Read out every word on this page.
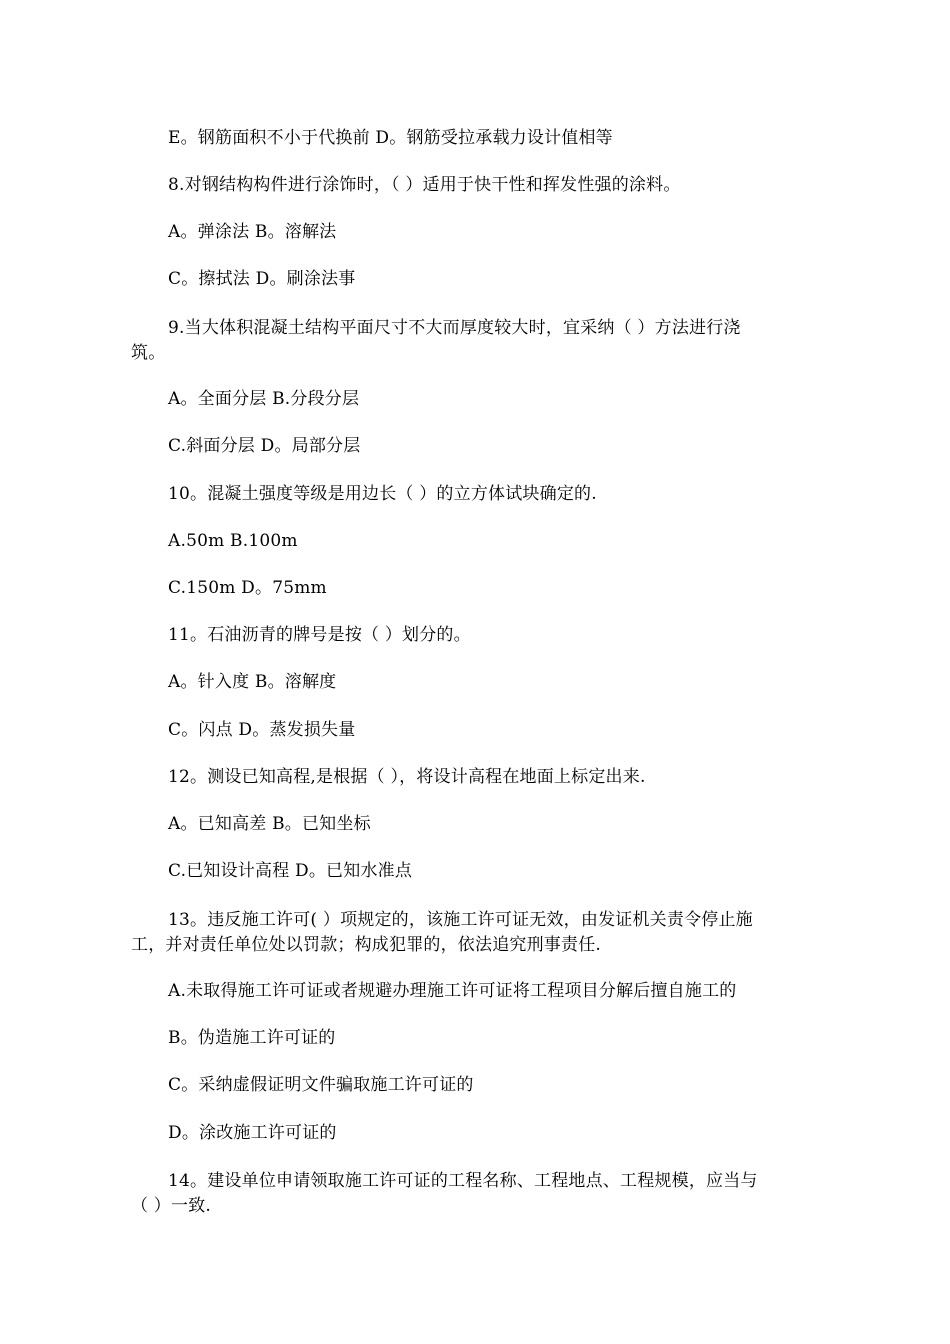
E。钢筋面积不小于代换前 D。钢筋受拉承载力设计值相等
8.对钢结构构件进行涂饰时，（ ）适用于快干性和挥发性强的涂料。
A。弹涂法 B。溶解法
C。擦拭法 D。刷涂法事
9.当大体积混凝土结构平面尺寸不大而厚度较大时，宜采纳（ ）方法进行浇
筑。
A。全面分层 B.分段分层
C.斜面分层 D。局部分层
10。混凝土强度等级是用边长（ ）的立方体试块确定的.
A.50m B.100m
C.150m D。75mm
11。石油沥青的牌号是按（ ）划分的。
A。针入度 B。溶解度
C。闪点 D。蒸发损失量
12。测设已知高程,是根据（ ），将设计高程在地面上标定出来.
A。已知高差 B。已知坐标
C.已知设计高程 D。已知水准点
13。违反施工许可( ）项规定的，该施工许可证无效，由发证机关责令停止施
工，并对责任单位处以罚款；构成犯罪的，依法追究刑事责任.
A.未取得施工许可证或者规避办理施工许可证将工程项目分解后擅自施工的
B。伪造施工许可证的
C。采纳虚假证明文件骗取施工许可证的
D。涂改施工许可证的
14。建设单位申请领取施工许可证的工程名称、工程地点、工程规模，应当与
（ ）一致.
